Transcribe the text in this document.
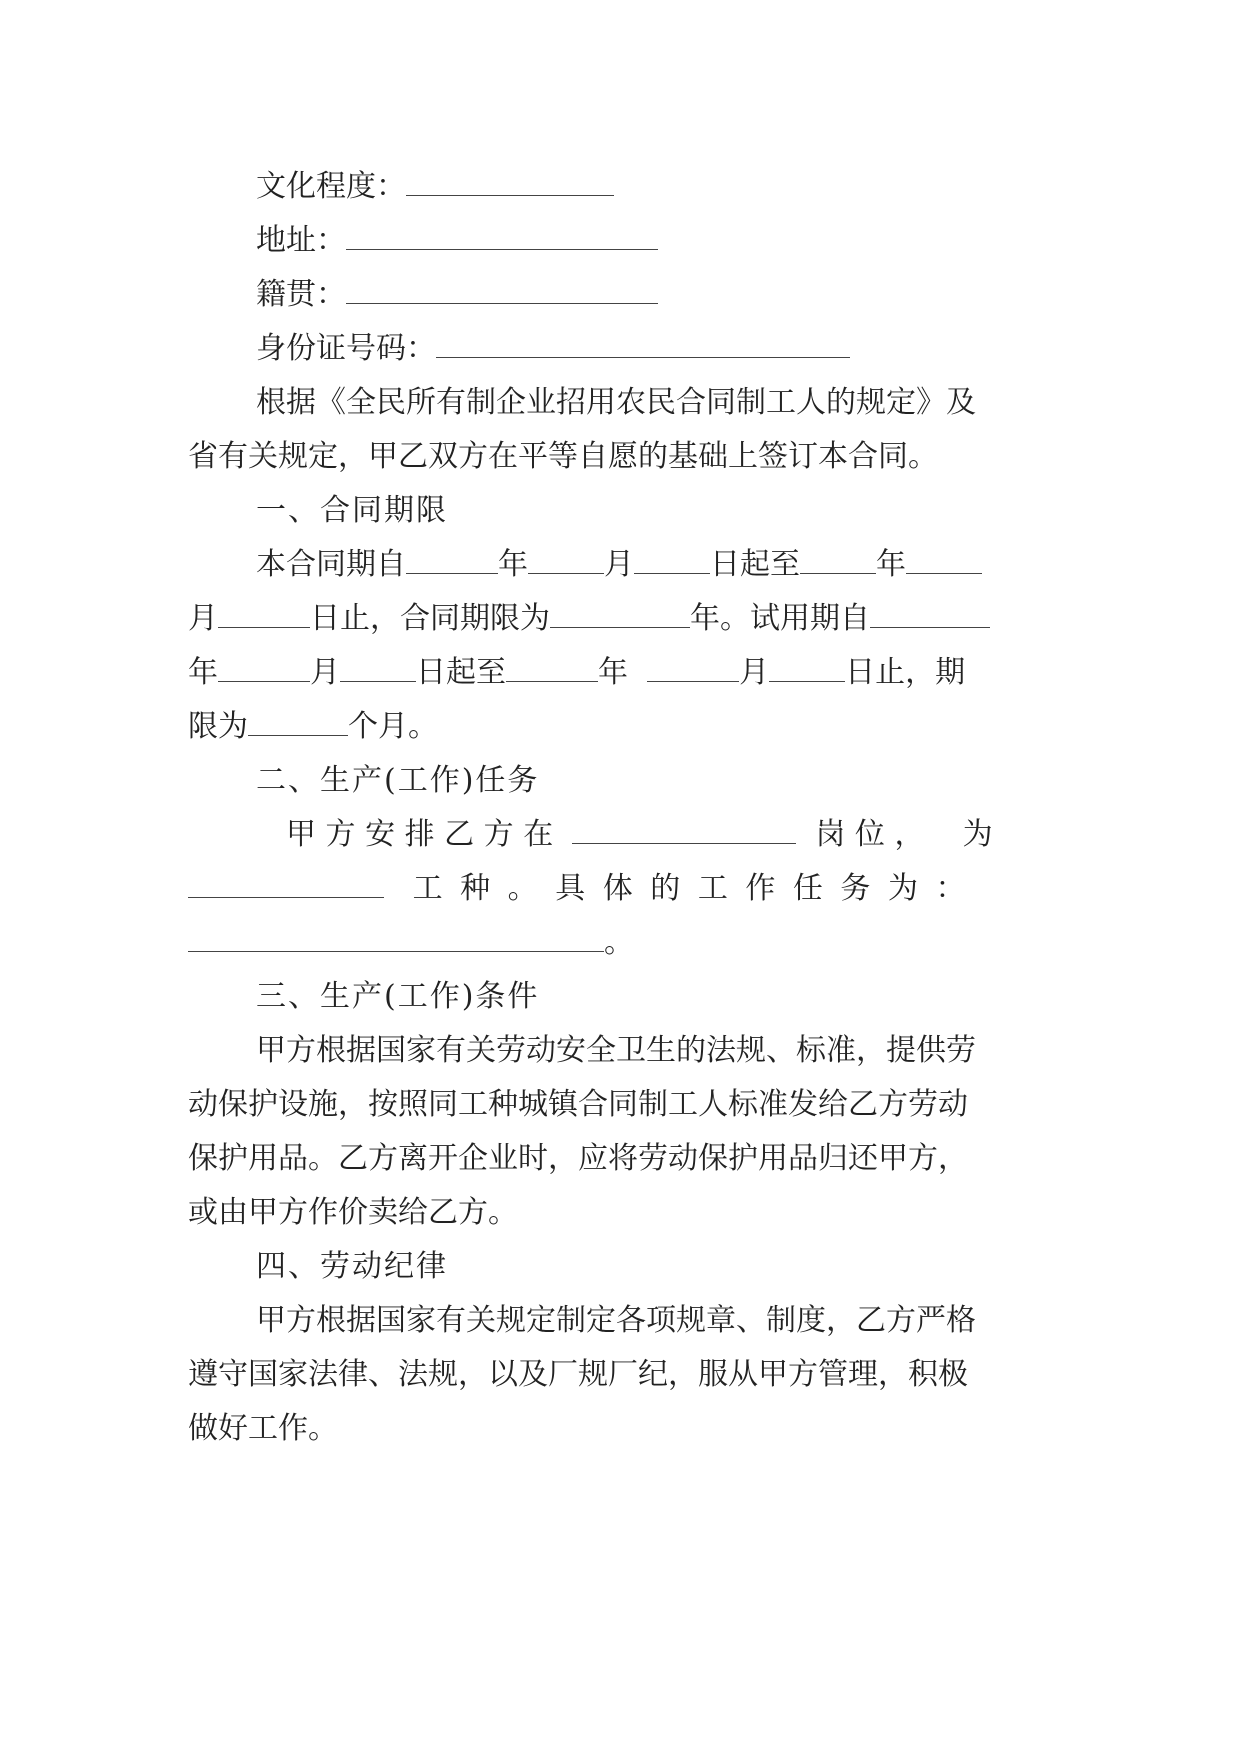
文化程度：
地址：
籍贯：
身份证号码：
根据《全民所有制企业招用农民合同制工人的规定》及
省有关规定，甲乙双方在平等自愿的基础上签订本合同。
一、合同期限
本合同期自	年	月	日起至	年
月	日止，合同期限为	年。试用期自
年	月	日起至	年	月	日止，期
限为	个月。
二、生产(工作)任务
甲 方 安 排 乙 方 在	岗 位 ， 为
工 种 。 具 体 的 工 作 任 务 为 ：
。
三、生产(工作)条件
甲方根据国家有关劳动安全卫生的法规、标准，提供劳
动保护设施，按照同工种城镇合同制工人标准发给乙方劳动
保护用品。乙方离开企业时，应将劳动保护用品归还甲方，
或由甲方作价卖给乙方。
四、劳动纪律
甲方根据国家有关规定制定各项规章、制度，乙方严格
遵守国家法律、法规，以及厂规厂纪，服从甲方管理，积极
做好工作。
